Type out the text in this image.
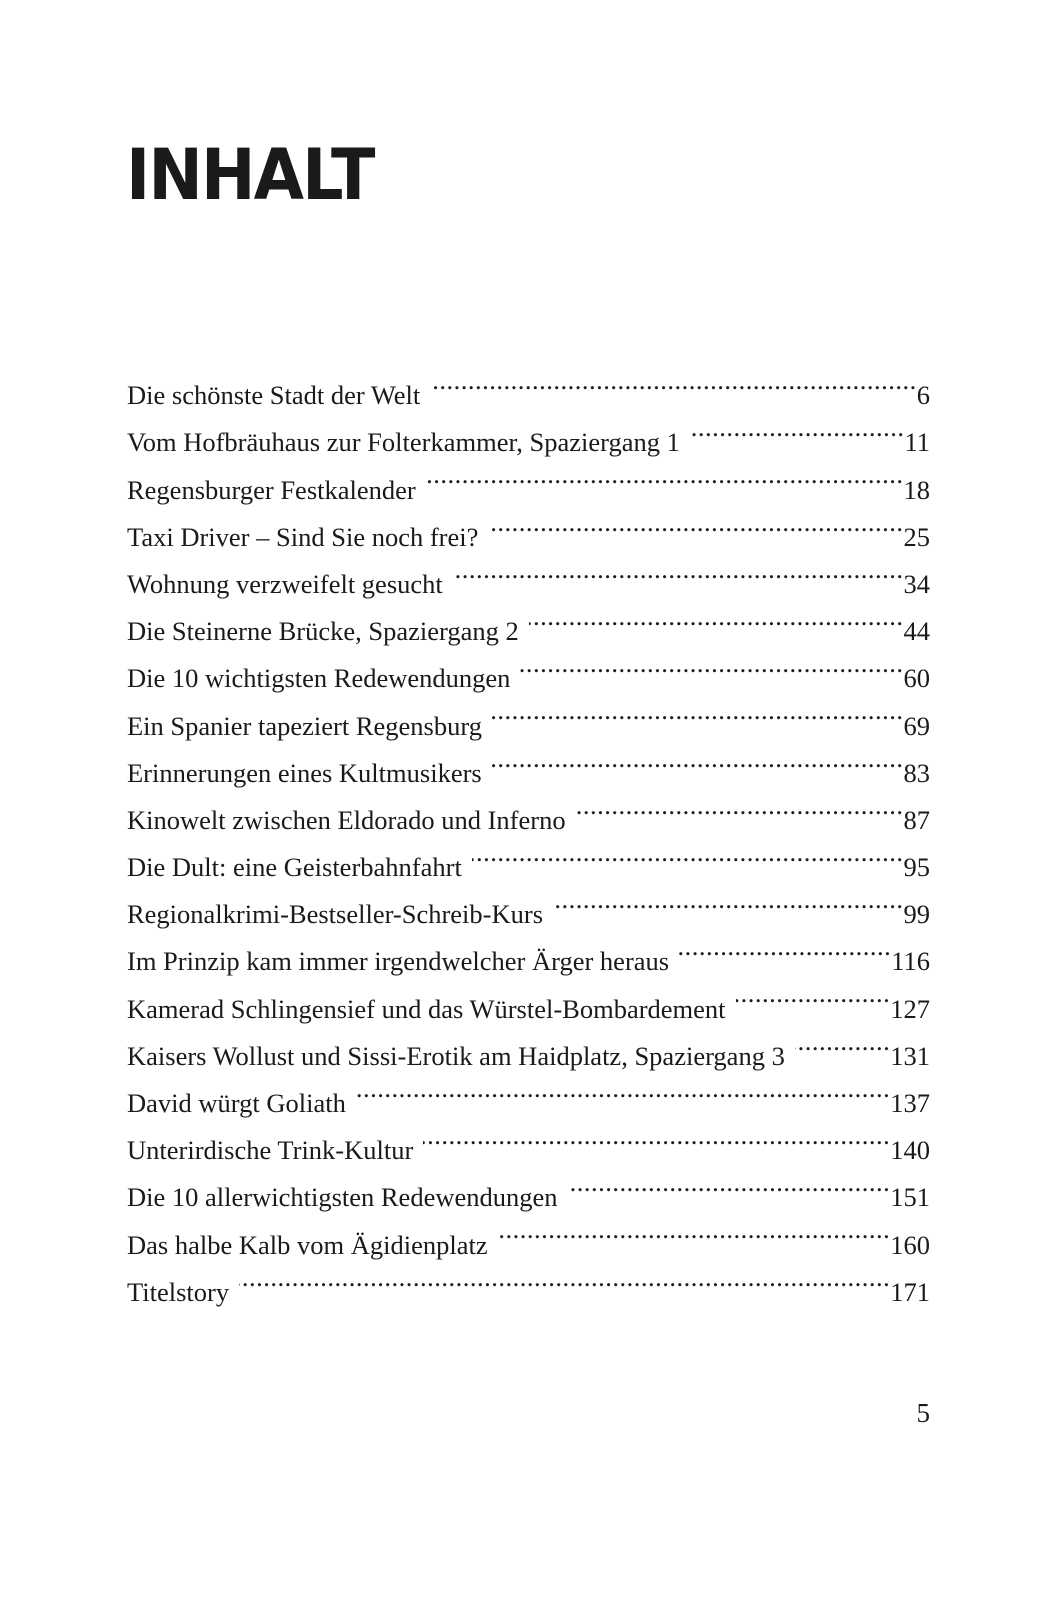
INHALT
Die schönste Stadt der Welt .....	6
Vom Hofbräuhaus zur Folterkammer, Spaziergang 1 .....	11
Regensburger Festkalender .....	18
Taxi Driver – Sind Sie noch frei? .....	25
Wohnung verzweifelt gesucht .....	34
Die Steinerne Brücke, Spaziergang 2 .....	44
Die 10 wichtigsten Redewendungen .....	60
Ein Spanier tapeziert Regensburg .....	69
Erinnerungen eines Kultmusikers .....	83
Kinowelt zwischen Eldorado und Inferno .....	87
Die Dult: eine Geisterbahnfahrt .....	95
Regionalkrimi-Bestseller-Schreib-Kurs .....	99
Im Prinzip kam immer irgendwelcher Ärger heraus .....	116
Kamerad Schlingensief und das Würstel-Bombardement .....	127
Kaisers Wollust und Sissi-Erotik am Haidplatz, Spaziergang 3 .....	131
David würgt Goliath .....	137
Unterirdische Trink-Kultur .....	140
Die 10 allerwichtigsten Redewendungen .....	151
Das halbe Kalb vom Ägidienplatz .....	160
Titelstory .....	171
5
